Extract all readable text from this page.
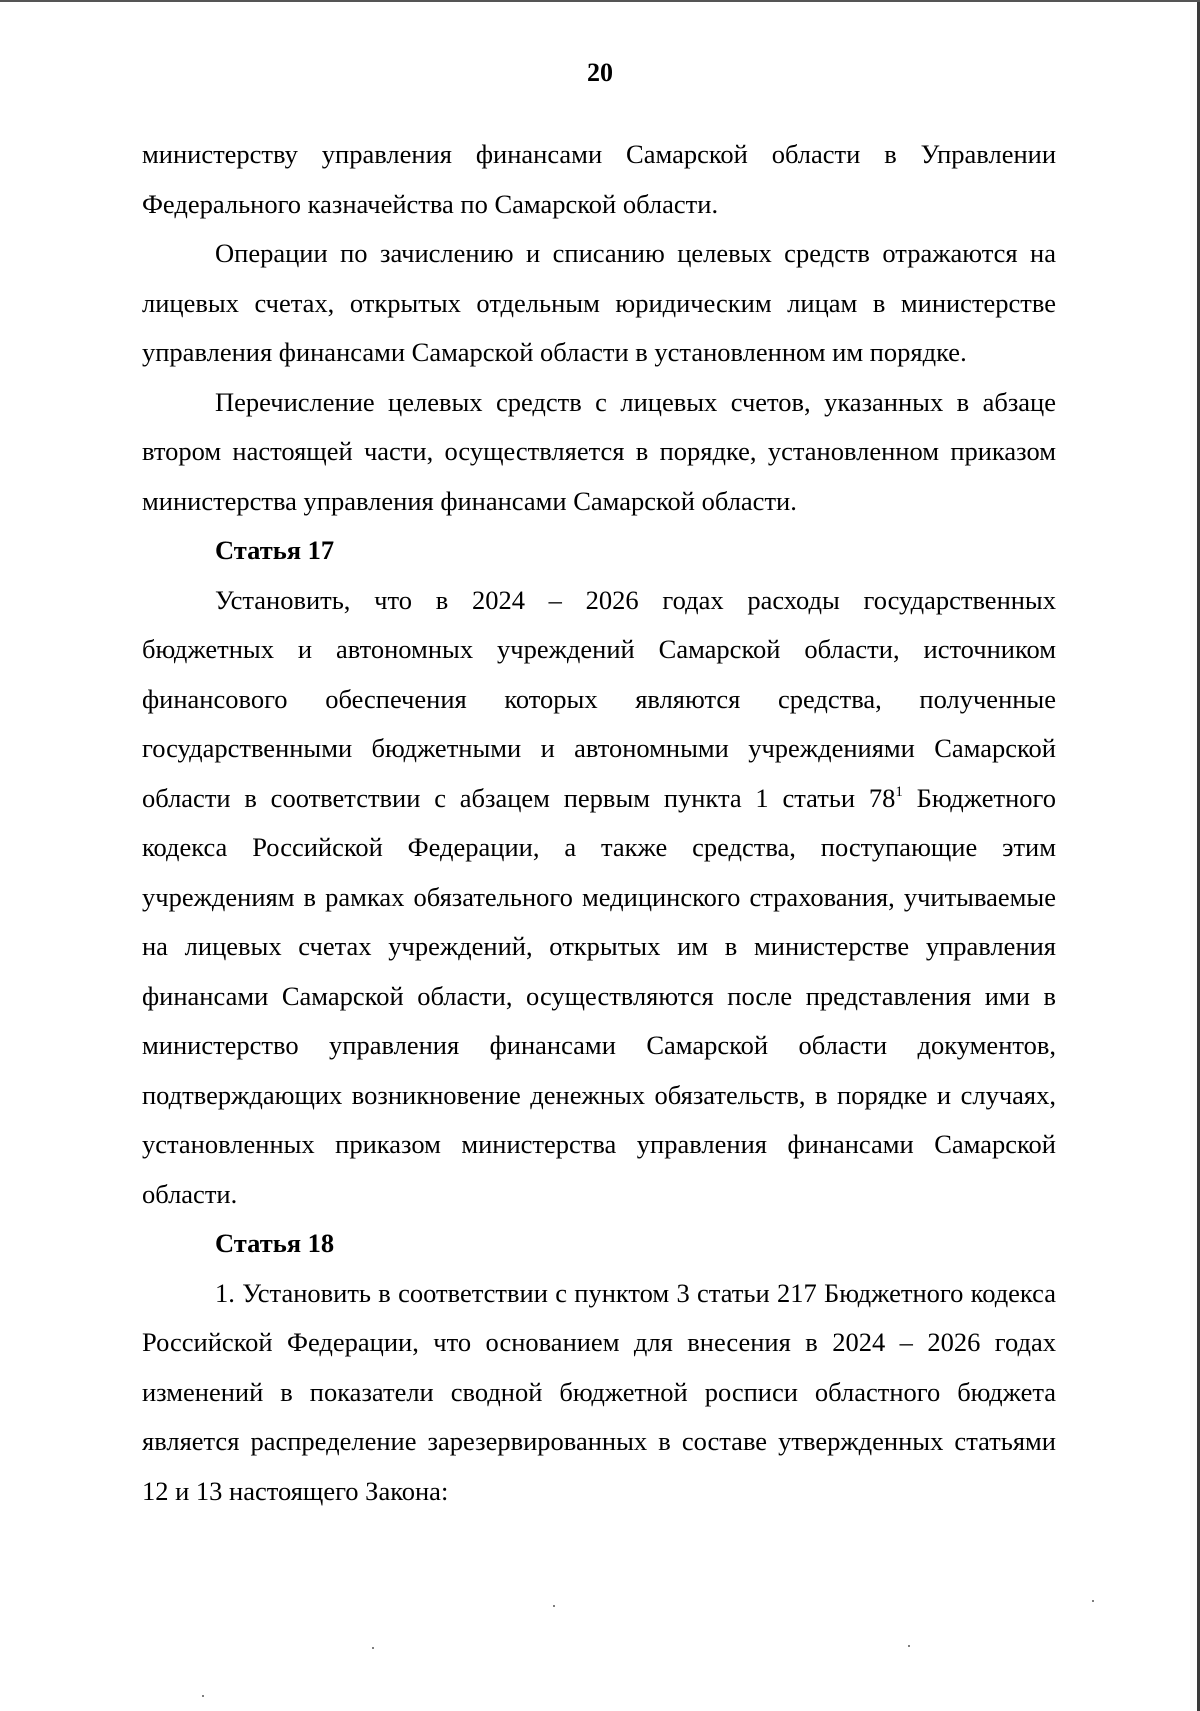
20

министерству управления финансами Самарской области в Управлении Федерального казначейства по Самарской области.

Операции по зачислению и списанию целевых средств отражаются на лицевых счетах, открытых отдельным юридическим лицам в министерстве управления финансами Самарской области в установленном им порядке.

Перечисление целевых средств с лицевых счетов, указанных в абзаце втором настоящей части, осуществляется в порядке, установленном приказом министерства управления финансами Самарской области.

Статья 17

Установить, что в 2024 – 2026 годах расходы государственных бюджетных и автономных учреждений Самарской области, источником финансового обеспечения которых являются средства, полученные государственными бюджетными и автономными учреждениями Самарской области в соответствии с абзацем первым пункта 1 статьи $78^1$ Бюджетного кодекса Российской Федерации, а также средства, поступающие этим учреждениям в рамках обязательного медицинского страхования, учитываемые на лицевых счетах учреждений, открытых им в министерстве управления финансами Самарской области, осуществляются после представления ими в министерство управления финансами Самарской области документов, подтверждающих возникновение денежных обязательств, в порядке и случаях, установленных приказом министерства управления финансами Самарской области.

Статья 18

1. Установить в соответствии с пунктом 3 статьи 217 Бюджетного кодекса Российской Федерации, что основанием для внесения в 2024 – 2026 годах изменений в показатели сводной бюджетной росписи областного бюджета является распределение зарезервированных в составе утвержденных статьями 12 и 13 настоящего Закона:
